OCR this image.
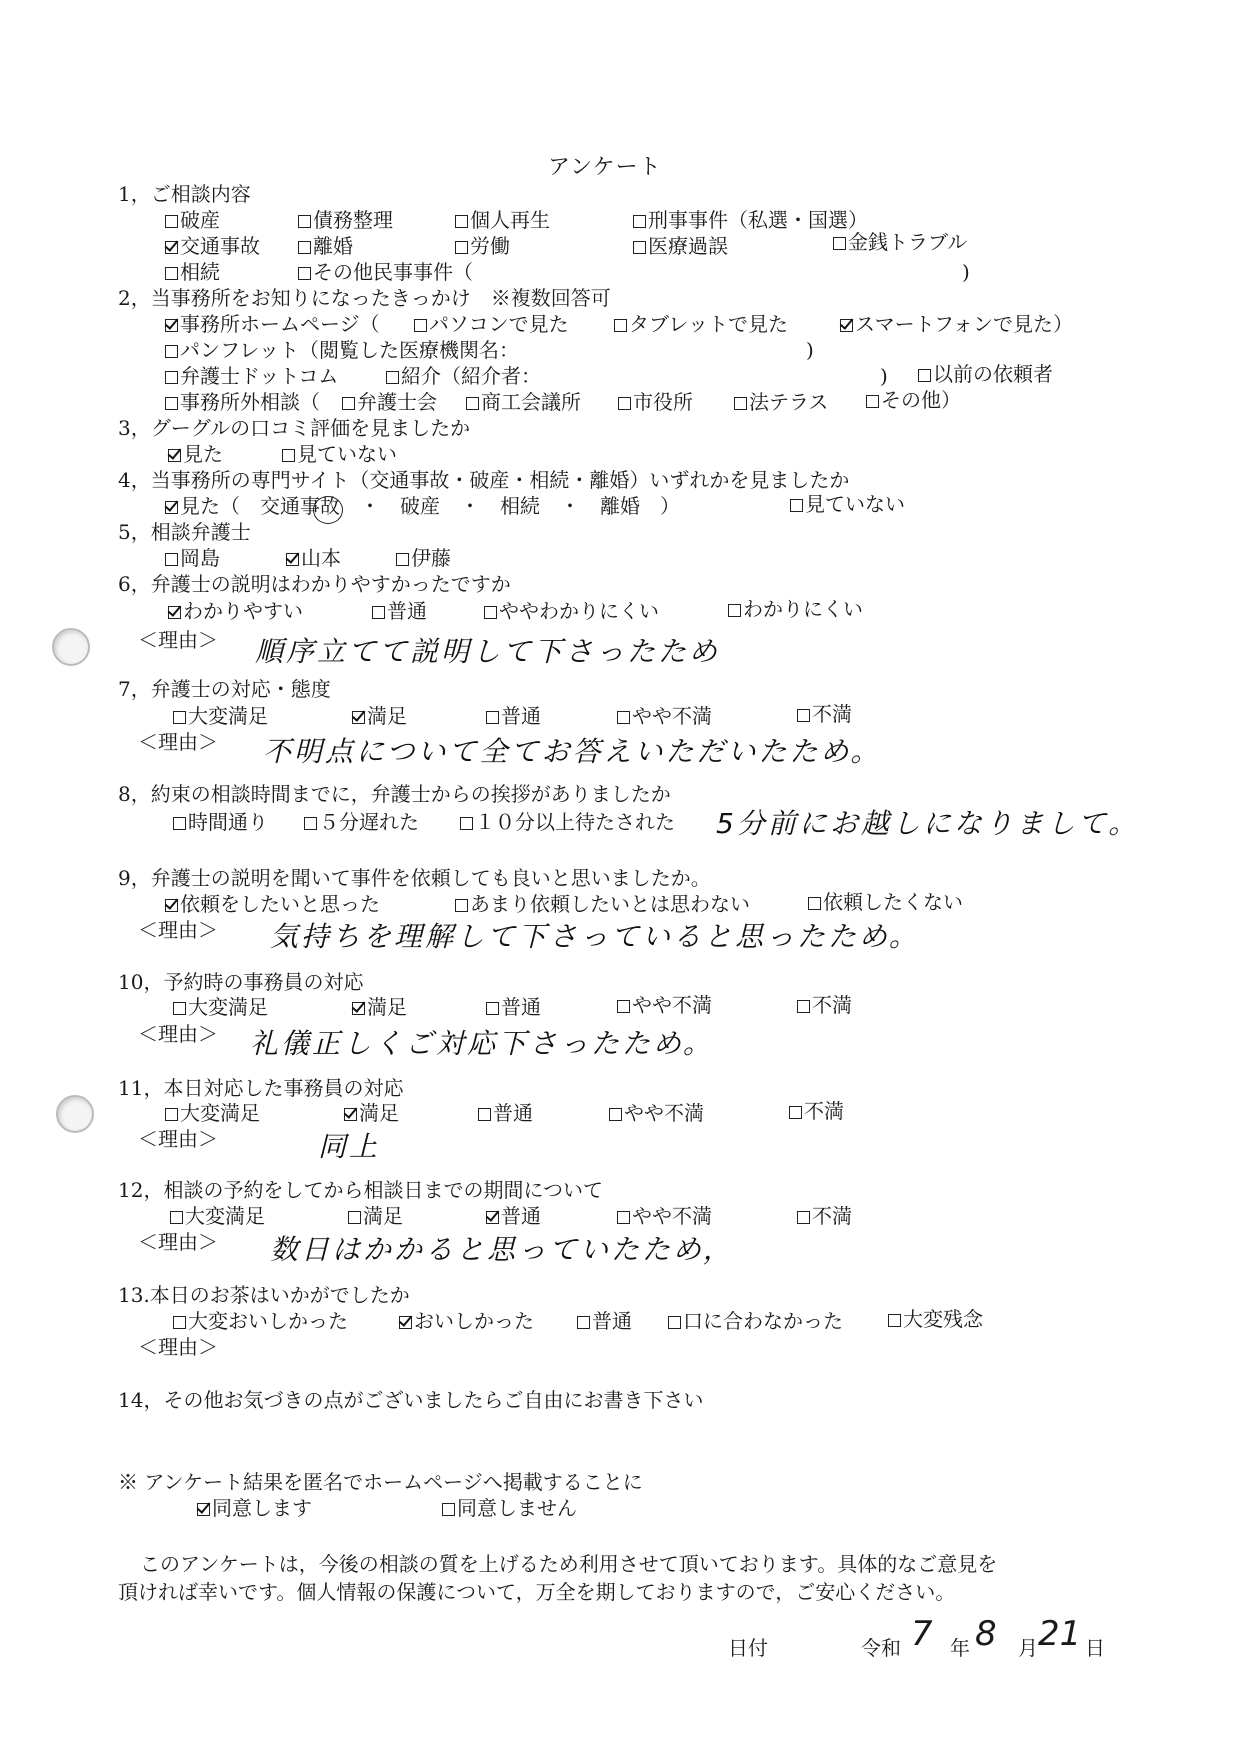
アンケート
1，ご相談内容
破産	債務整理	個人再生	刑事事件（私選・国選）
交通事故	離婚	労働	医療過誤	金銭トラブル
相続	その他民事事件（	)
2，当事務所をお知りになったきっかけ　※複数回答可
事務所ホームページ（	パソコンで見た	タブレットで見た	スマートフォンで見た）
パンフレット（閲覧した医療機関名：	)
弁護士ドットコム	紹介（紹介者：	)	以前の依頼者
事務所外相談（	弁護士会	商工会議所	市役所	法テラス	その他）
3，グーグルの口コミ評価を見ましたか
見た	見ていない
4，当事務所の専門サイト（交通事故・破産・相続・離婚）いずれかを見ましたか
見た（　交通事故　・　破産　・　相続　・　離婚　）	見ていない
5，相談弁護士
岡島	山本	伊藤
6，弁護士の説明はわかりやすかったですか
わかりやすい	普通	ややわかりにくい	わかりにくい
＜理由＞ 順序立てて説明して下さったため
7，弁護士の対応・態度
大変満足	満足	普通	やや不満	不満
＜理由＞ 不明点について全てお答えいただいたため。
8，約束の相談時間までに，弁護士からの挨拶がありましたか
時間通り	５分遅れた	１０分以上待たされた 5分前にお越しになりまして。
9，弁護士の説明を聞いて事件を依頼しても良いと思いましたか。
依頼をしたいと思った	あまり依頼したいとは思わない	依頼したくない
＜理由＞ 気持ちを理解して下さっていると思ったため。
10，予約時の事務員の対応
大変満足	満足	普通	やや不満	不満
＜理由＞ 礼儀正しくご対応下さったため。
11，本日対応した事務員の対応
大変満足	満足	普通	やや不満	不満
＜理由＞	同上
12，相談の予約をしてから相談日までの期間について
大変満足	満足	普通	やや不満	不満
＜理由＞ 数日はかかると思っていたため，
13.本日のお茶はいかがでしたか
大変おいしかった	おいしかった	普通	口に合わなかった	大変残念
＜理由＞
14，その他お気づきの点がございましたらご自由にお書き下さい
※ アンケート結果を匿名でホームページへ掲載することに
同意します	同意しません
このアンケートは，今後の相談の質を上げるため利用させて頂いております。具体的なご意見を
頂ければ幸いです。個人情報の保護について，万全を期しておりますので，ご安心ください。
日付	令和 7 年 8 月 21 日
